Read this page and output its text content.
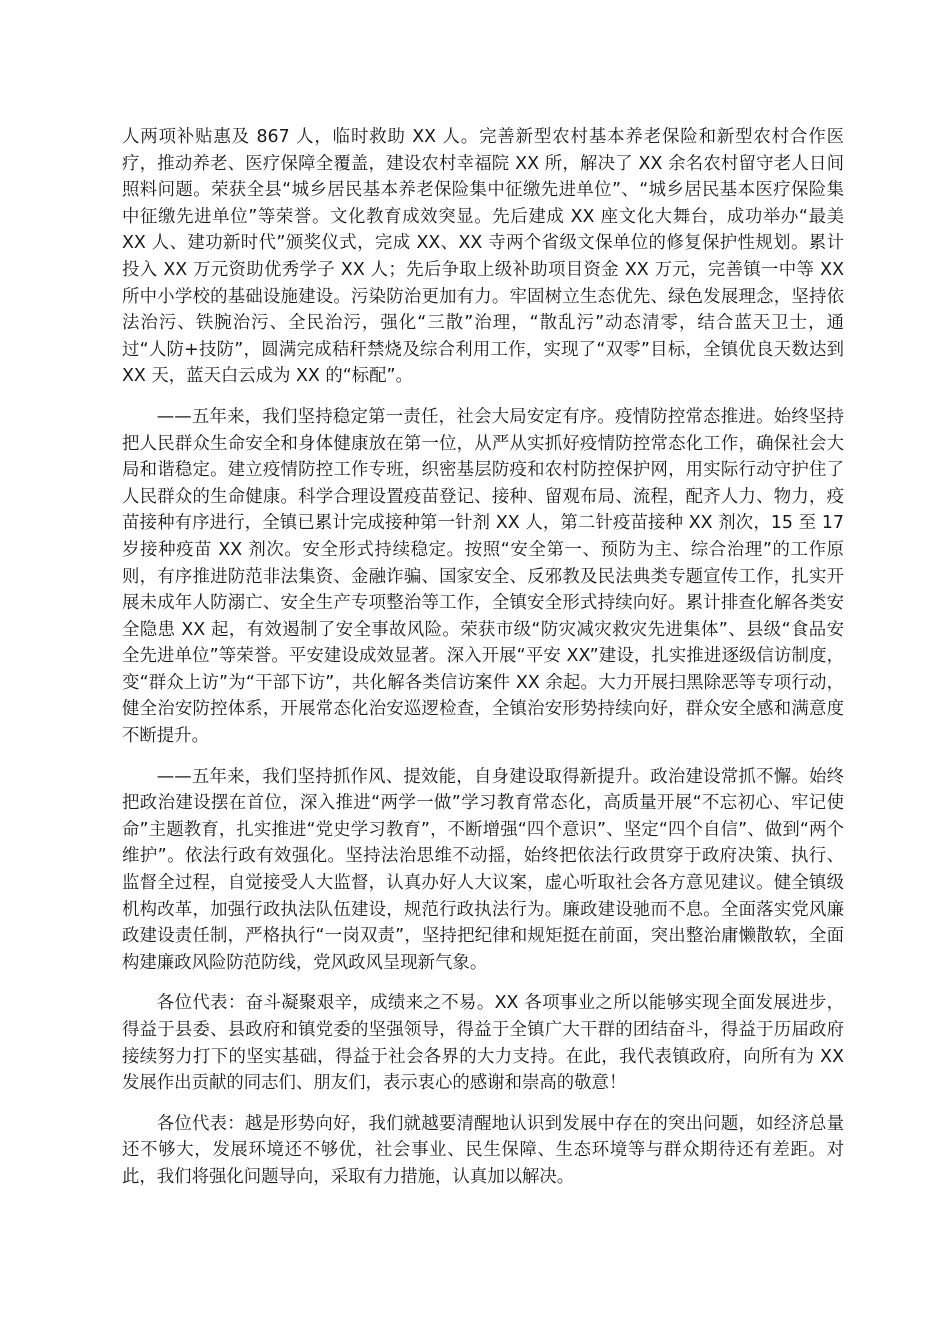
人两项补贴惠及 867 人，临时救助 XX 人。完善新型农村基本养老保险和新型农村合作医疗，推动养老、医疗保障全覆盖，建设农村幸福院 XX 所，解决了 XX 余名农村留守老人日间照料问题。荣获全县“城乡居民基本养老保险集中征缴先进单位”、“城乡居民基本医疗保险集中征缴先进单位”等荣誉。文化教育成效突显。先后建成 XX 座文化大舞台，成功举办“最美 XX 人、建功新时代”颁奖仪式，完成 XX、XX 寺两个省级文保单位的修复保护性规划。累计投入 XX 万元资助优秀学子 XX 人；先后争取上级补助项目资金 XX 万元，完善镇一中等 XX 所中小学校的基础设施建设。污染防治更加有力。牢固树立生态优先、绿色发展理念，坚持依法治污、铁腕治污、全民治污，强化“三散”治理，“散乱污”动态清零，结合蓝天卫士，通过“人防+技防”，圆满完成秸秆禁烧及综合利用工作，实现了“双零”目标，全镇优良天数达到 XX 天，蓝天白云成为 XX 的“标配”。

——五年来，我们坚持稳定第一责任，社会大局安定有序。疫情防控常态推进。始终坚持把人民群众生命安全和身体健康放在第一位，从严从实抓好疫情防控常态化工作，确保社会大局和谐稳定。建立疫情防控工作专班，织密基层防疫和农村防控保护网，用实际行动守护住了人民群众的生命健康。科学合理设置疫苗登记、接种、留观布局、流程，配齐人力、物力，疫苗接种有序进行，全镇已累计完成接种第一针剂 XX 人，第二针疫苗接种 XX 剂次，15 至 17 岁接种疫苗 XX 剂次。安全形式持续稳定。按照“安全第一、预防为主、综合治理”的工作原则，有序推进防范非法集资、金融诈骗、国家安全、反邪教及民法典类专题宣传工作，扎实开展未成年人防溺亡、安全生产专项整治等工作，全镇安全形式持续向好。累计排查化解各类安全隐患 XX 起，有效遏制了安全事故风险。荣获市级“防灾减灾救灾先进集体”、县级“食品安全先进单位”等荣誉。平安建设成效显著。深入开展“平安 XX”建设，扎实推进逐级信访制度，变“群众上访”为“干部下访”，共化解各类信访案件 XX 余起。大力开展扫黑除恶等专项行动，健全治安防控体系，开展常态化治安巡逻检查，全镇治安形势持续向好，群众安全感和满意度不断提升。

——五年来，我们坚持抓作风、提效能，自身建设取得新提升。政治建设常抓不懈。始终把政治建设摆在首位，深入推进“两学一做”学习教育常态化，高质量开展“不忘初心、牢记使命”主题教育，扎实推进“党史学习教育”，不断增强“四个意识”、坚定“四个自信”、做到“两个维护”。依法行政有效强化。坚持法治思维不动摇，始终把依法行政贯穿于政府决策、执行、监督全过程，自觉接受人大监督，认真办好人大议案，虚心听取社会各方意见建议。健全镇级机构改革，加强行政执法队伍建设，规范行政执法行为。廉政建设驰而不息。全面落实党风廉政建设责任制，严格执行“一岗双责”，坚持把纪律和规矩挺在前面，突出整治庸懒散软，全面构建廉政风险防范防线，党风政风呈现新气象。

各位代表：奋斗凝聚艰辛，成绩来之不易。XX 各项事业之所以能够实现全面发展进步，得益于县委、县政府和镇党委的坚强领导，得益于全镇广大干群的团结奋斗，得益于历届政府接续努力打下的坚实基础，得益于社会各界的大力支持。在此，我代表镇政府，向所有为 XX 发展作出贡献的同志们、朋友们，表示衷心的感谢和崇高的敬意！

各位代表：越是形势向好，我们就越要清醒地认识到发展中存在的突出问题，如经济总量还不够大，发展环境还不够优，社会事业、民生保障、生态环境等与群众期待还有差距。对此，我们将强化问题导向，采取有力措施，认真加以解决。
